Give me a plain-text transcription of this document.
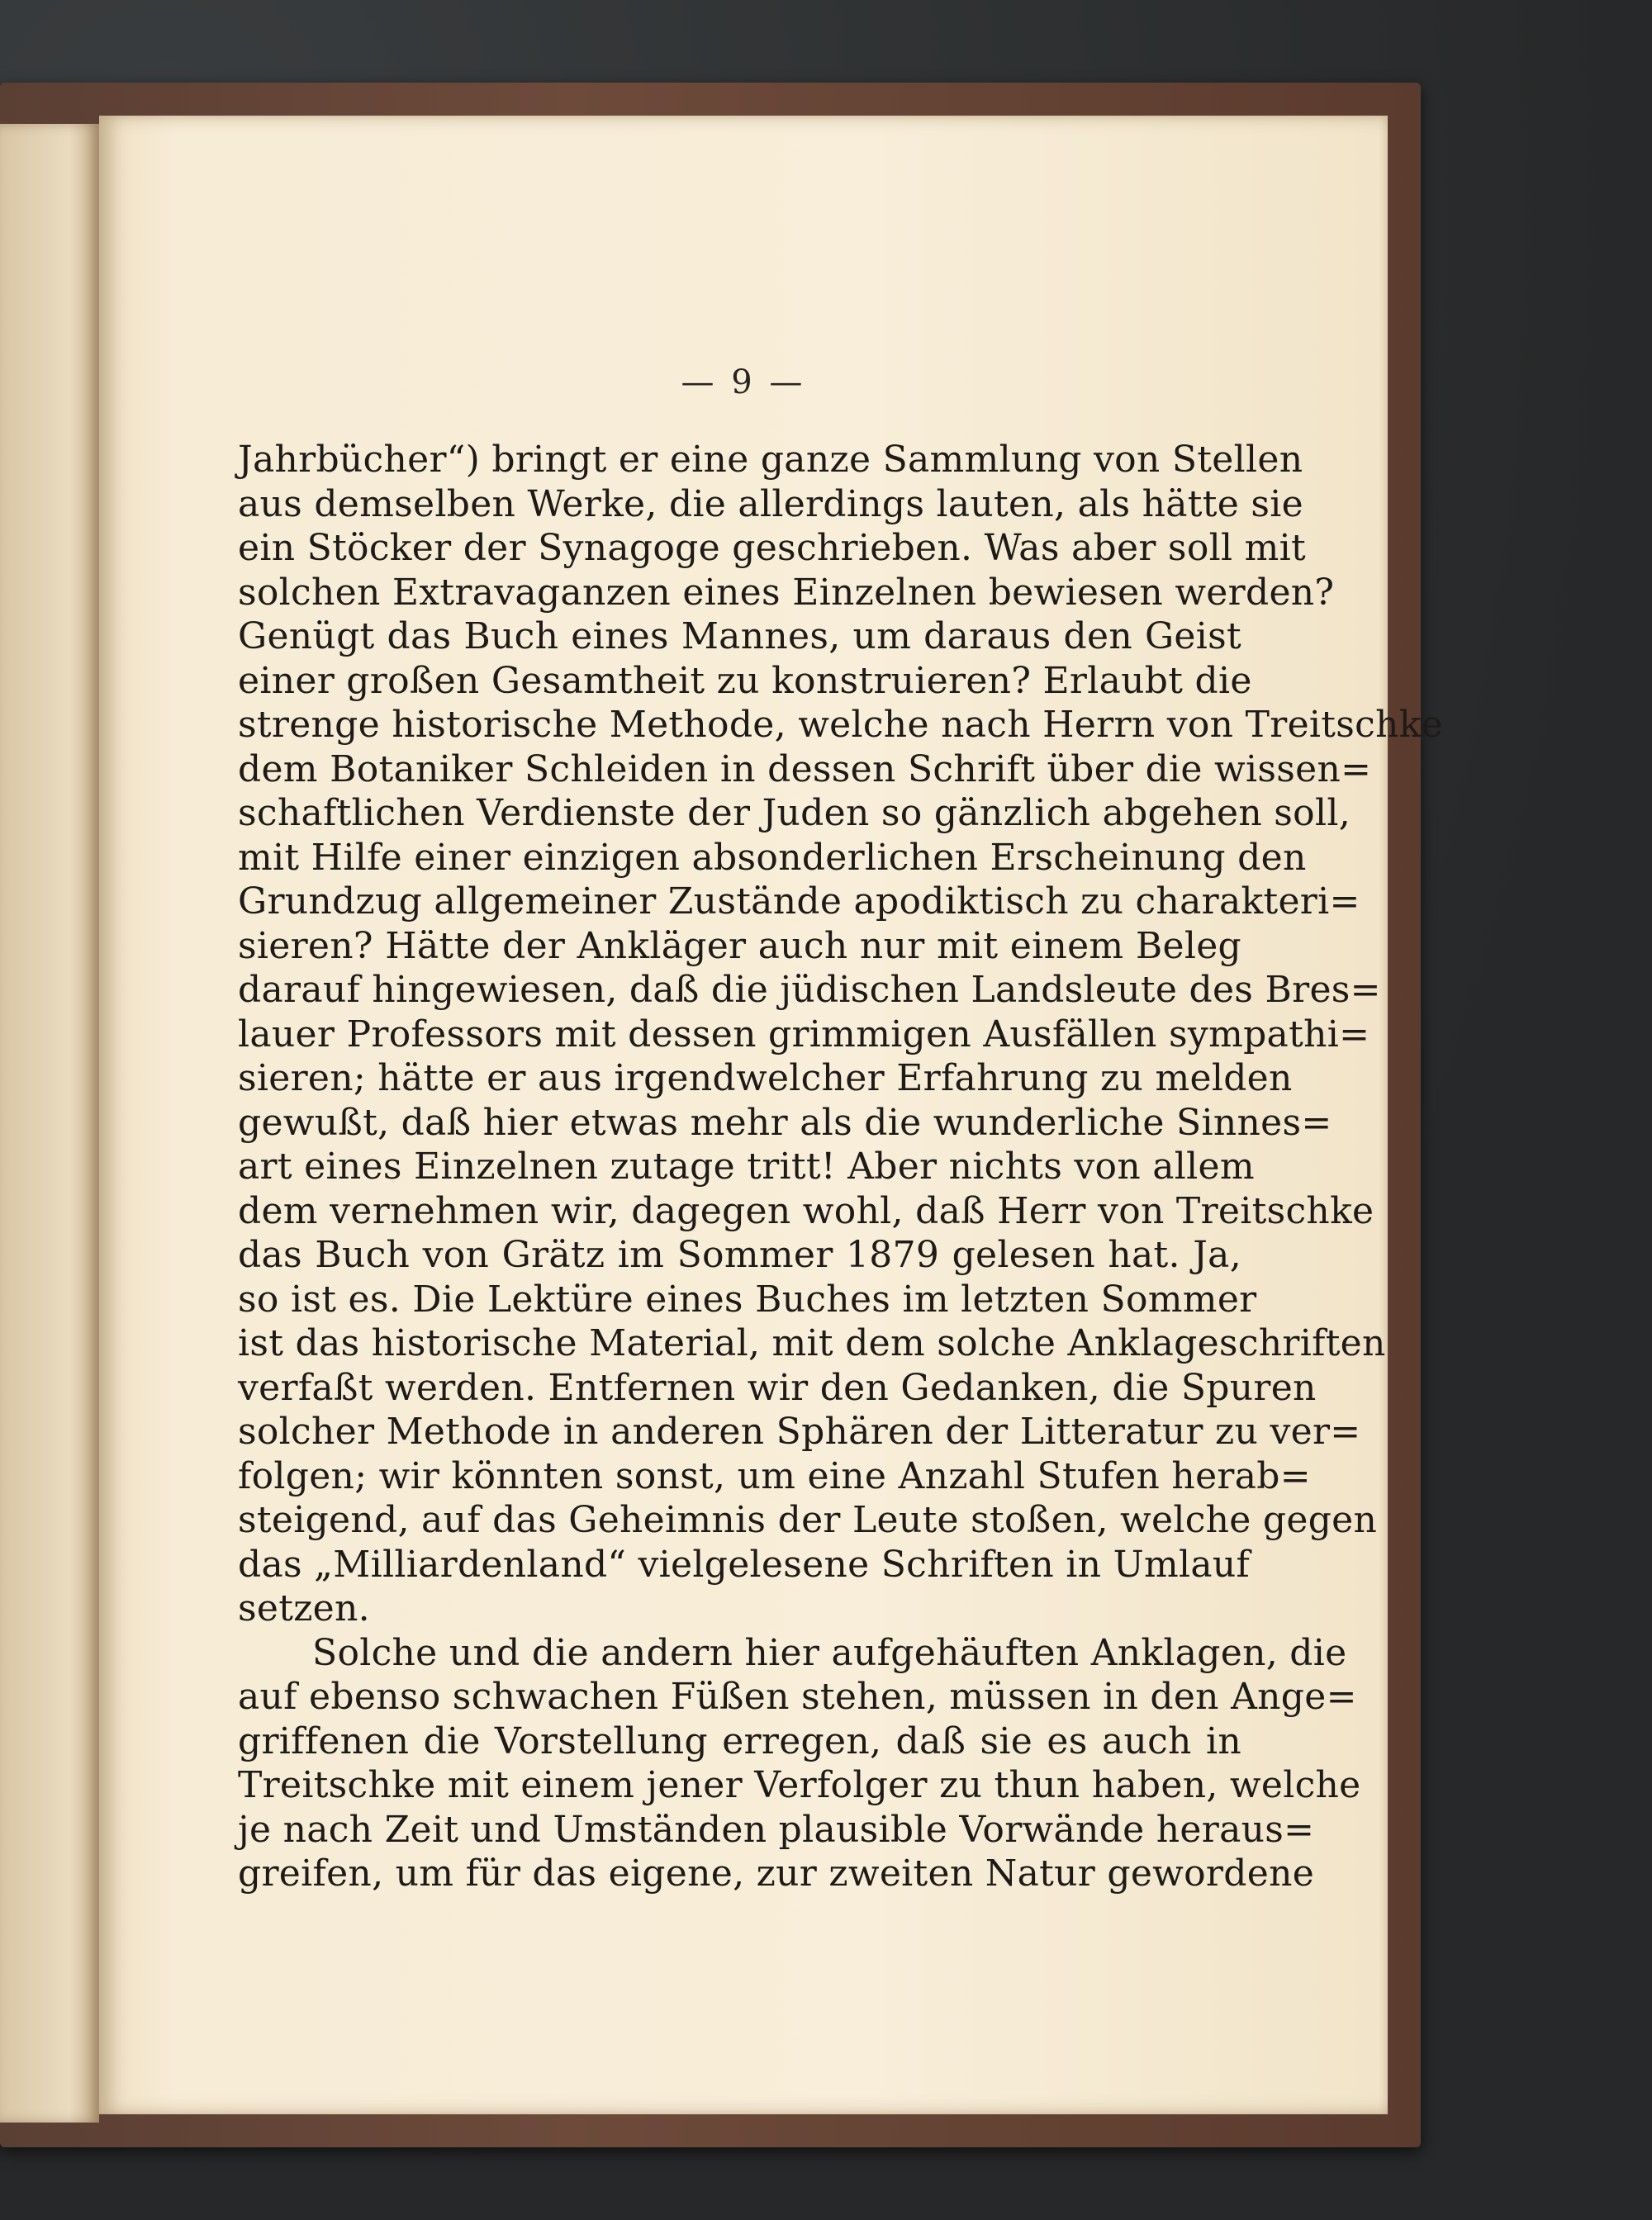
— 9 —
Jahrbücher“) bringt er eine ganze Sammlung von Stellen
aus demselben Werke, die allerdings lauten, als hätte sie
ein Stöcker der Synagoge geschrieben. Was aber soll mit
solchen Extravaganzen eines Einzelnen bewiesen werden?
Genügt das Buch eines Mannes, um daraus den Geist
einer großen Gesamtheit zu konstruieren? Erlaubt die
strenge historische Methode, welche nach Herrn von Treitschke
dem Botaniker Schleiden in dessen Schrift über die wissen=
schaftlichen Verdienste der Juden so gänzlich abgehen soll,
mit Hilfe einer einzigen absonderlichen Erscheinung den
Grundzug allgemeiner Zustände apodiktisch zu charakteri=
sieren? Hätte der Ankläger auch nur mit einem Beleg
darauf hingewiesen, daß die jüdischen Landsleute des Bres=
lauer Professors mit dessen grimmigen Ausfällen sympathi=
sieren; hätte er aus irgendwelcher Erfahrung zu melden
gewußt, daß hier etwas mehr als die wunderliche Sinnes=
art eines Einzelnen zutage tritt! Aber nichts von allem
dem vernehmen wir, dagegen wohl, daß Herr von Treitschke
das Buch von Grätz im Sommer 1879 gelesen hat. Ja,
so ist es. Die Lektüre eines Buches im letzten Sommer
ist das historische Material, mit dem solche Anklageschriften
verfaßt werden. Entfernen wir den Gedanken, die Spuren
solcher Methode in anderen Sphären der Litteratur zu ver=
folgen; wir könnten sonst, um eine Anzahl Stufen herab=
steigend, auf das Geheimnis der Leute stoßen, welche gegen
das „Milliardenland“ vielgelesene Schriften in Umlauf
setzen.
Solche und die andern hier aufgehäuften Anklagen, die
auf ebenso schwachen Füßen stehen, müssen in den Ange=
griffenen die Vorstellung erregen, daß sie es auch in
Treitschke mit einem jener Verfolger zu thun haben, welche
je nach Zeit und Umständen plausible Vorwände heraus=
greifen, um für das eigene, zur zweiten Natur gewordene
